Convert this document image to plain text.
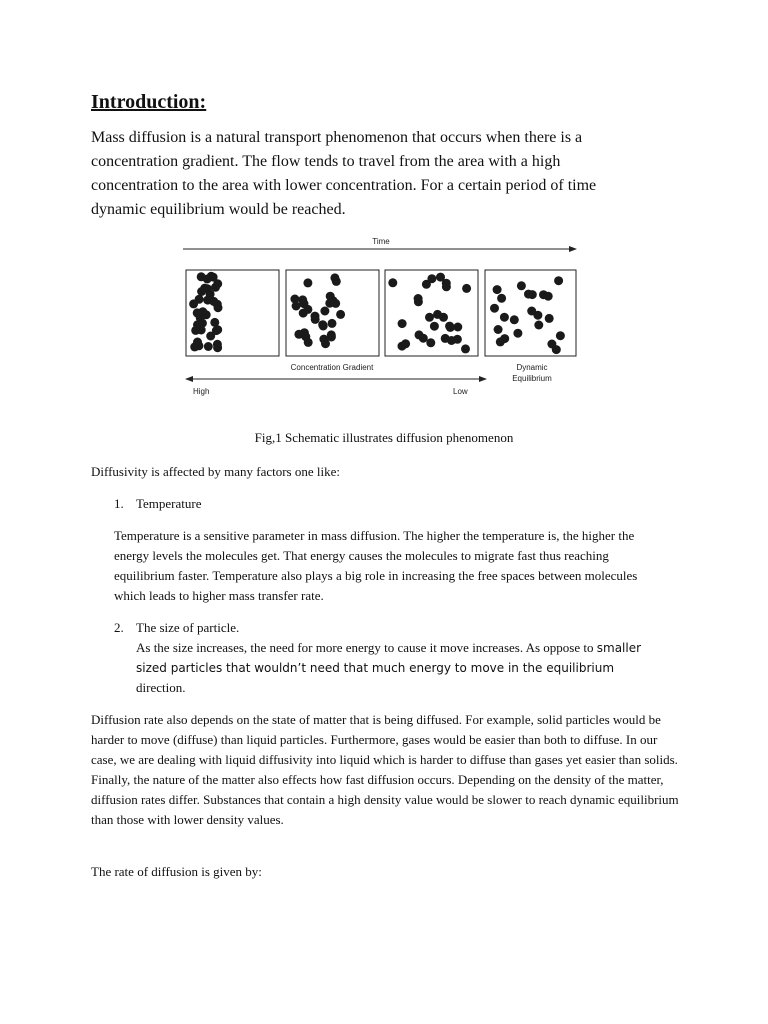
Introduction:

Mass diffusion is a natural transport phenomenon that occurs when there is a concentration gradient. The flow tends to travel from the area with a high concentration to the area with lower concentration. For a certain period of time dynamic equilibrium would be reached.

Time
Concentration Gradient
High	Low
Dynamic
Equilibrium

Fig,1 Schematic illustrates diffusion phenomenon

Diffusivity is affected by many factors one like:

1. Temperature

Temperature is a sensitive parameter in mass diffusion. The higher the temperature is, the higher the energy levels the molecules get. That energy causes the molecules to migrate fast thus reaching equilibrium faster. Temperature also plays a big role in increasing the free spaces between molecules which leads to higher mass transfer rate.

2. The size of particle.

As the size increases, the need for more energy to cause it move increases. As oppose to smaller sized particles that wouldn’t need that much energy to move in the equilibrium
direction.

Diffusion rate also depends on the state of matter that is being diffused. For example, solid particles would be harder to move (diffuse) than liquid particles. Furthermore, gases would be easier than both to diffuse. In our case, we are dealing with liquid diffusivity into liquid which is harder to diffuse than gases yet easier than solids. Finally, the nature of the matter also effects how fast diffusion occurs. Depending on the density of the matter, diffusion rates differ. Substances that contain a high density value would be slower to reach dynamic equilibrium than those with lower density values.

The rate of diffusion is given by:
